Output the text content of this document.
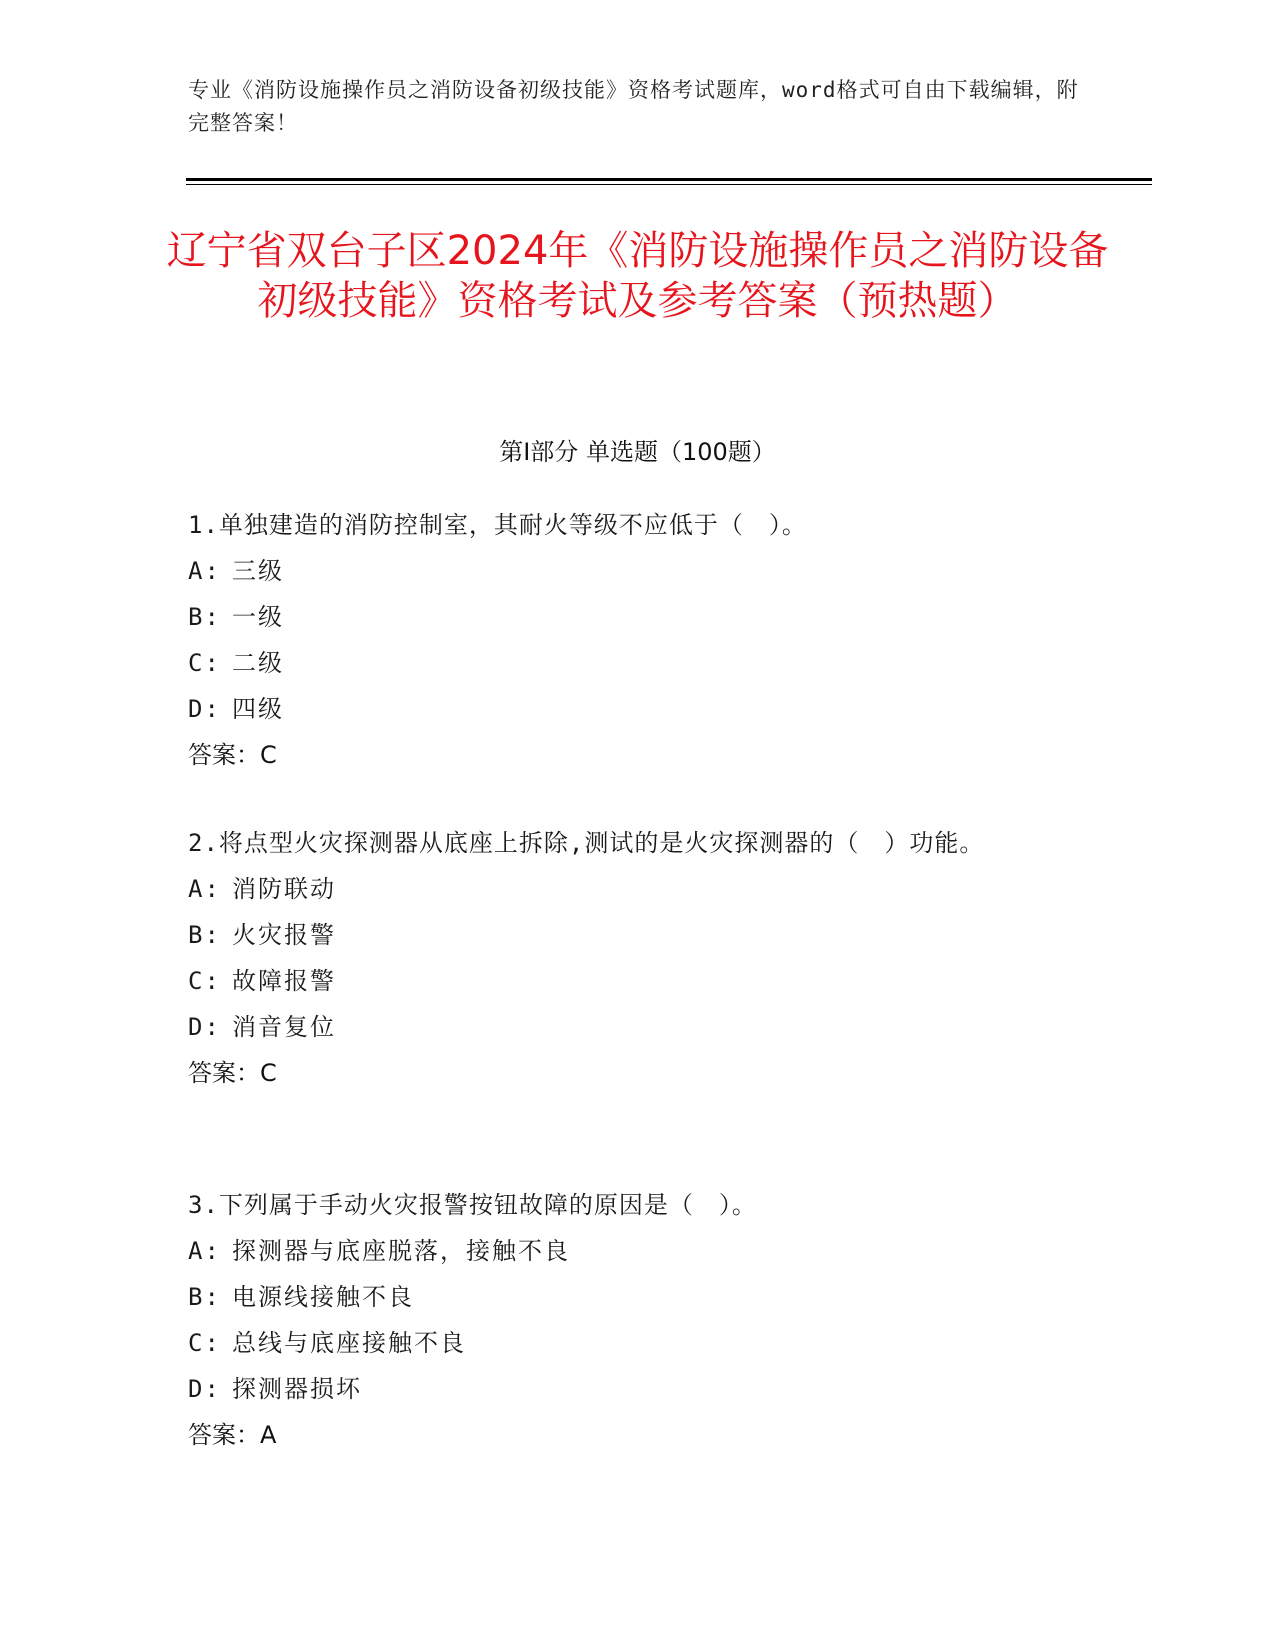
专业《消防设施操作员之消防设备初级技能》资格考试题库，word格式可自由下载编辑，附完整答案！
辽宁省双台子区2024年《消防设施操作员之消防设备初级技能》资格考试及参考答案（预热题）
第Ⅰ部分 单选题（100题）
1.单独建造的消防控制室，其耐火等级不应低于（　）。
A: 三级
B: 一级
C: 二级
D: 四级
答案：C
2.将点型火灾探测器从底座上拆除,测试的是火灾探测器的（　）功能。
A: 消防联动
B: 火灾报警
C: 故障报警
D: 消音复位
答案：C
3.下列属于手动火灾报警按钮故障的原因是（　）。
A: 探测器与底座脱落，接触不良
B: 电源线接触不良
C: 总线与底座接触不良
D: 探测器损坏
答案：A
